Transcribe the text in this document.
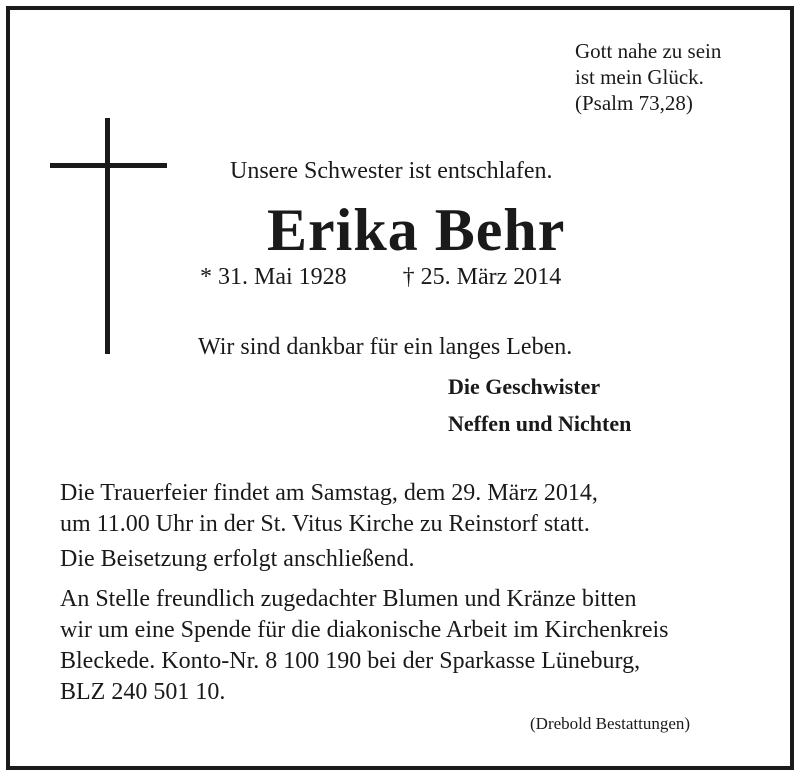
Gott nahe zu sein
ist mein Glück.
(Psalm 73,28)
Unsere Schwester ist entschlafen.
Erika Behr
* 31. Mai 1928 † 25. März 2014
Wir sind dankbar für ein langes Leben.
Die Geschwister
Neffen und Nichten
Die Trauerfeier findet am Samstag, dem 29. März 2014,
um 11.00 Uhr in der St. Vitus Kirche zu Reinstorf statt.
Die Beisetzung erfolgt anschließend.
An Stelle freundlich zugedachter Blumen und Kränze bitten
wir um eine Spende für die diakonische Arbeit im Kirchenkreis
Bleckede. Konto-Nr. 8 100 190 bei der Sparkasse Lüneburg,
BLZ 240 501 10.
(Drebold Bestattungen)
